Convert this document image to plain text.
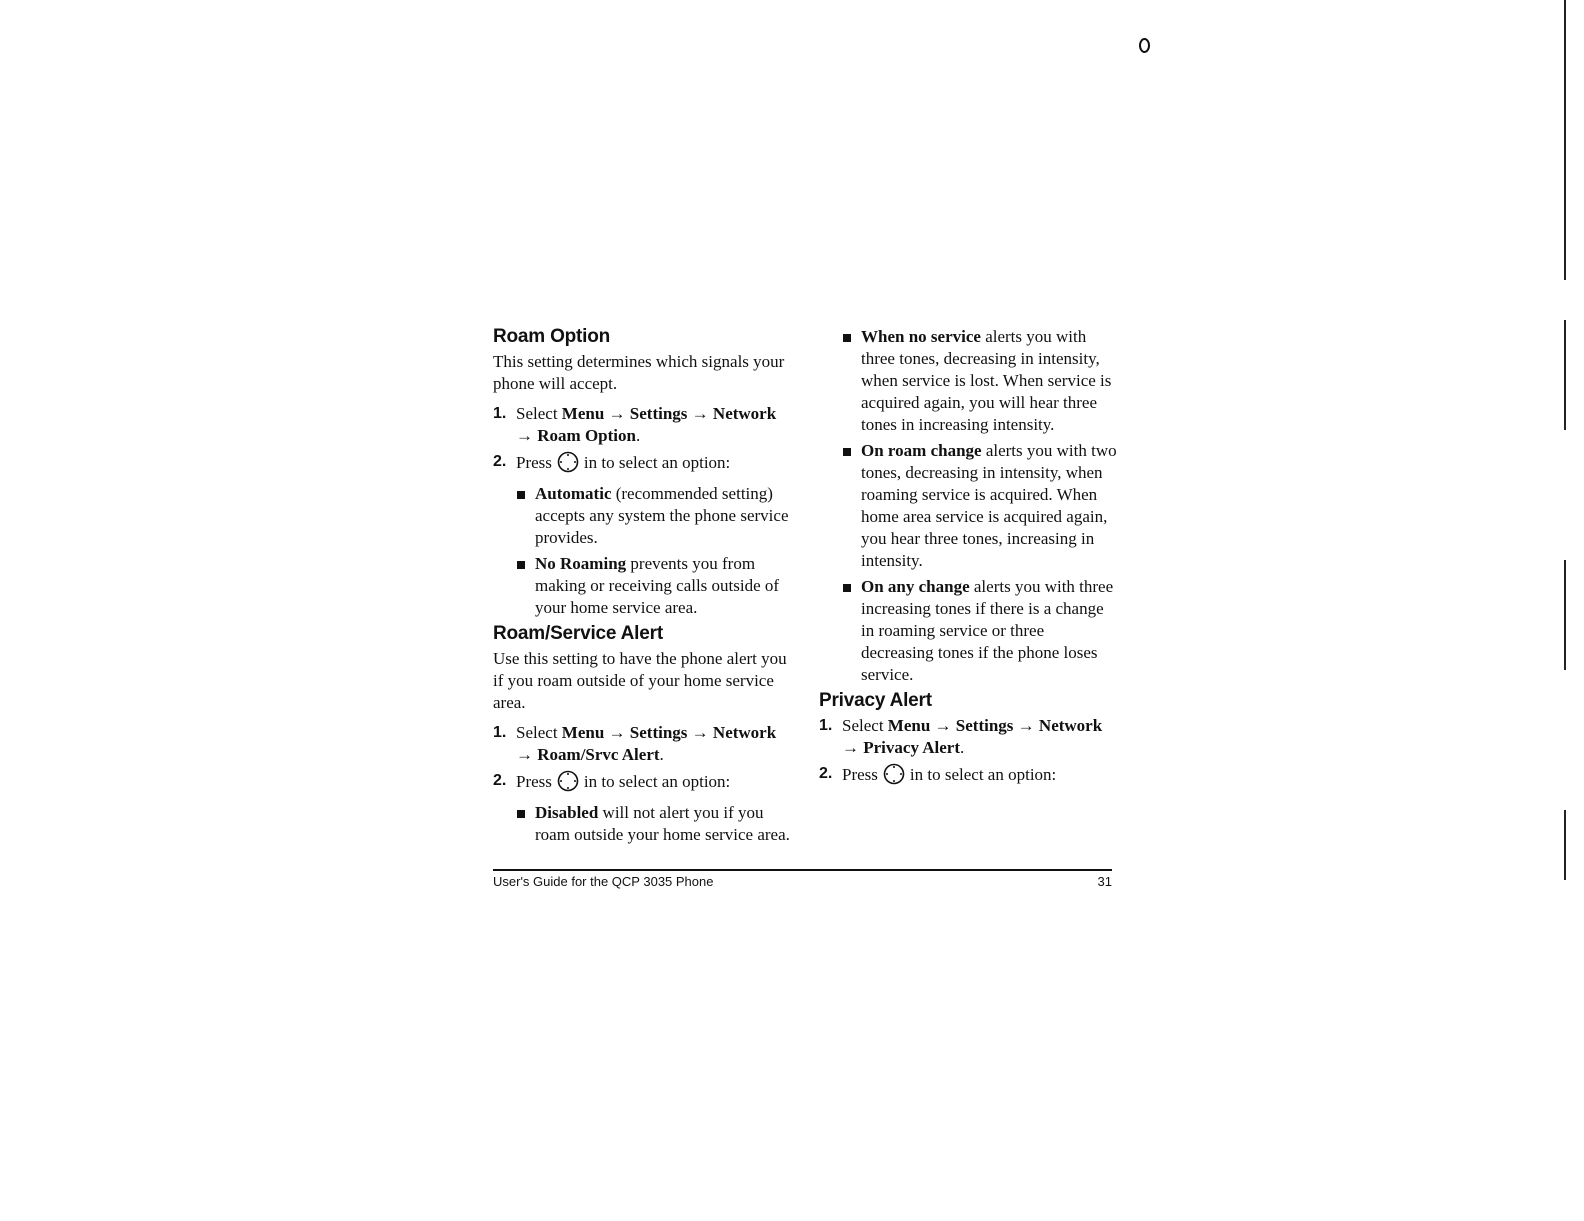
Roam Option

This setting determines which signals your phone will accept.

1. Select Menu → Settings → Network → Roam Option.
2. Press in to select an option:
Automatic (recommended setting) accepts any system the phone service provides.
No Roaming prevents you from making or receiving calls outside of your home service area.
Roam/Service Alert

Use this setting to have the phone alert you if you roam outside of your home service area.

1. Select Menu → Settings → Network → Roam/Srvc Alert.
2. Press in to select an option:
Disabled will not alert you if you roam outside your home service area.
When no service alerts you with three tones, decreasing in intensity, when service is lost. When service is acquired again, you will hear three tones in increasing intensity.
On roam change alerts you with two tones, decreasing in intensity, when roaming service is acquired. When home area service is acquired again, you hear three tones, increasing in intensity.
On any change alerts you with three increasing tones if there is a change in roaming service or three decreasing tones if the phone loses service.
Privacy Alert
1. Select Menu → Settings → Network → Privacy Alert.
2. Press in to select an option:
User's Guide for the QCP 3035 Phone	31
